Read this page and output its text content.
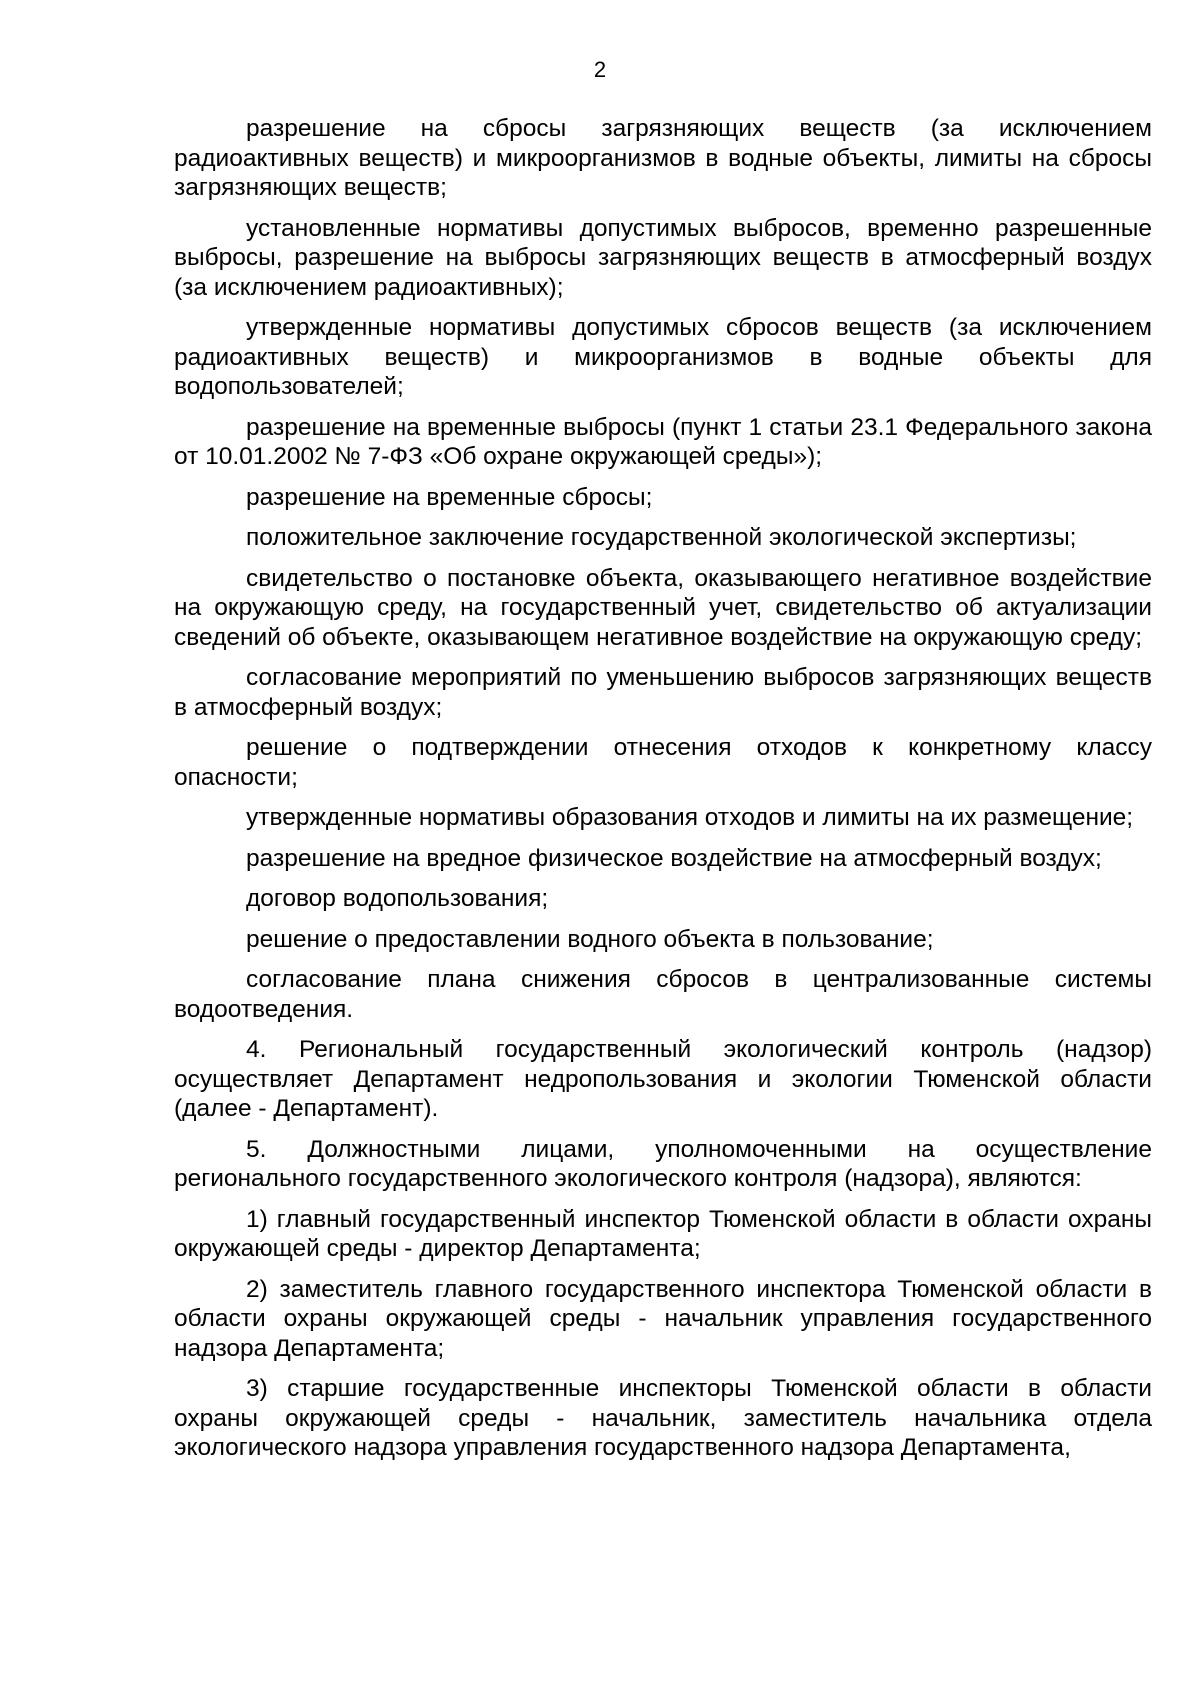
2

разрешение на сбросы загрязняющих веществ (за исключением радиоактивных веществ) и микроорганизмов в водные объекты, лимиты на сбросы загрязняющих веществ;

установленные нормативы допустимых выбросов, временно разрешенные выбросы, разрешение на выбросы загрязняющих веществ в атмосферный воздух (за исключением радиоактивных);

утвержденные нормативы допустимых сбросов веществ (за исключением радиоактивных веществ) и микроорганизмов в водные объекты для водопользователей;

разрешение на временные выбросы (пункт 1 статьи 23.1 Федерального закона от 10.01.2002 № 7-ФЗ «Об охране окружающей среды»);

разрешение на временные сбросы;

положительное заключение государственной экологической экспертизы;

свидетельство о постановке объекта, оказывающего негативное воздействие на окружающую среду, на государственный учет, свидетельство об актуализации сведений об объекте, оказывающем негативное воздействие на окружающую среду;

согласование мероприятий по уменьшению выбросов загрязняющих веществ в атмосферный воздух;

решение о подтверждении отнесения отходов к конкретному классу опасности;

утвержденные нормативы образования отходов и лимиты на их размещение;

разрешение на вредное физическое воздействие на атмосферный воздух;

договор водопользования;

решение о предоставлении водного объекта в пользование;

согласование плана снижения сбросов в централизованные системы водоотведения.

4. Региональный государственный экологический контроль (надзор) осуществляет Департамент недропользования и экологии Тюменской области (далее - Департамент).

5. Должностными лицами, уполномоченными на осуществление регионального государственного экологического контроля (надзора), являются:

1) главный государственный инспектор Тюменской области в области охраны окружающей среды - директор Департамента;

2) заместитель главного государственного инспектора Тюменской области в области охраны окружающей среды - начальник управления государственного надзора Департамента;

3) старшие государственные инспекторы Тюменской области в области охраны окружающей среды - начальник, заместитель начальника отдела экологического надзора управления государственного надзора Департамента,
